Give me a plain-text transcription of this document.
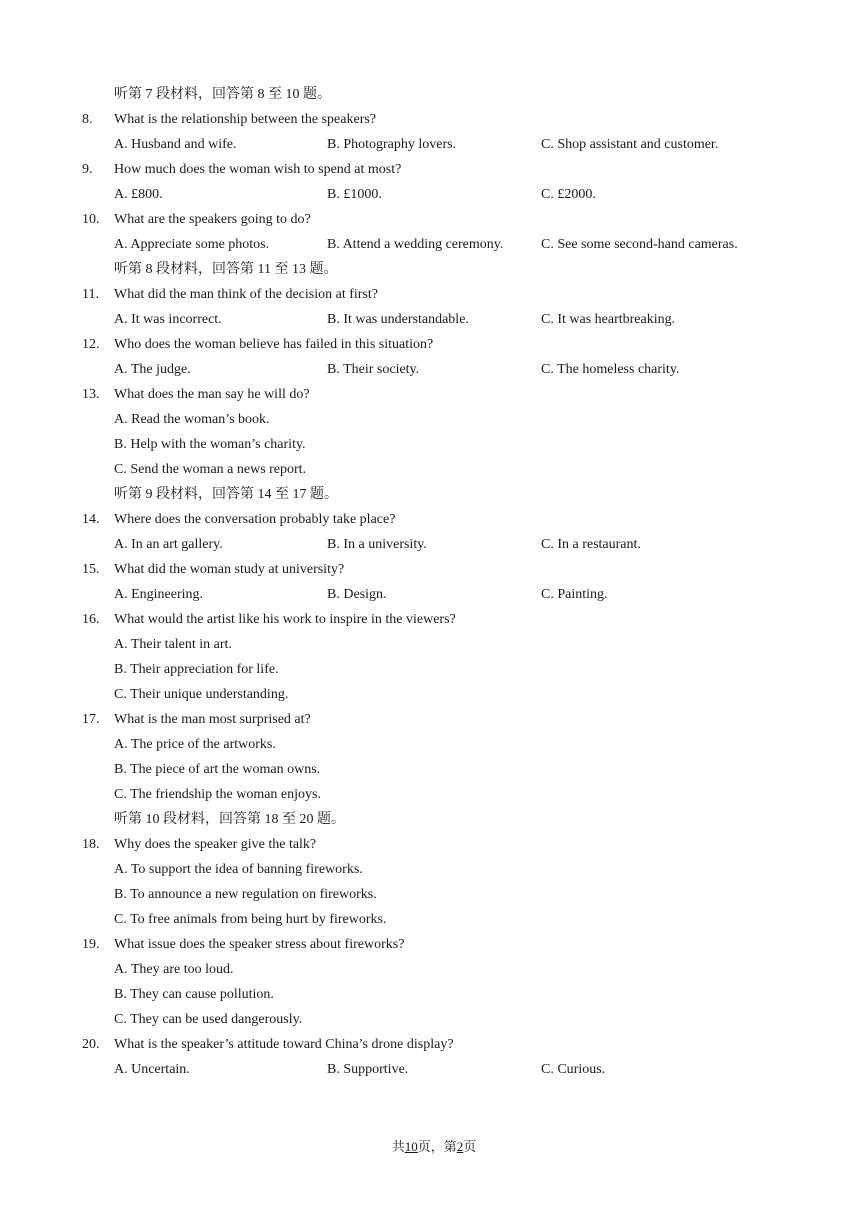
听第 7 段材料，回答第 8 至 10 题。
8.	What is the relationship between the speakers?
A. Husband and wife.	B. Photography lovers.	C. Shop assistant and customer.
9.	How much does the woman wish to spend at most?
A. £800.	B. £1000.	C. £2000.
10.	What are the speakers going to do?
A. Appreciate some photos.	B. Attend a wedding ceremony.	C. See some second-hand cameras.
听第 8 段材料，回答第 11 至 13 题。
11.	What did the man think of the decision at first?
A. It was incorrect.	B. It was understandable.	C. It was heartbreaking.
12.	Who does the woman believe has failed in this situation?
A. The judge.	B. Their society.	C. The homeless charity.
13.	What does the man say he will do?
A. Read the woman’s book.
B. Help with the woman’s charity.
C. Send the woman a news report.
听第 9 段材料，回答第 14 至 17 题。
14.	Where does the conversation probably take place?
A. In an art gallery.	B. In a university.	C. In a restaurant.
15.	What did the woman study at university?
A. Engineering.	B. Design.	C. Painting.
16.	What would the artist like his work to inspire in the viewers?
A. Their talent in art.
B. Their appreciation for life.
C. Their unique understanding.
17.	What is the man most surprised at?
A. The price of the artworks.
B. The piece of art the woman owns.
C. The friendship the woman enjoys.
听第 10 段材料，回答第 18 至 20 题。
18.	Why does the speaker give the talk?
A. To support the idea of banning fireworks.
B. To announce a new regulation on fireworks.
C. To free animals from being hurt by fireworks.
19.	What issue does the speaker stress about fireworks?
A. They are too loud.
B. They can cause pollution.
C. They can be used dangerously.
20.	What is the speaker’s attitude toward China’s drone display?
A. Uncertain.	B. Supportive.	C. Curious.
共10页，第2页
